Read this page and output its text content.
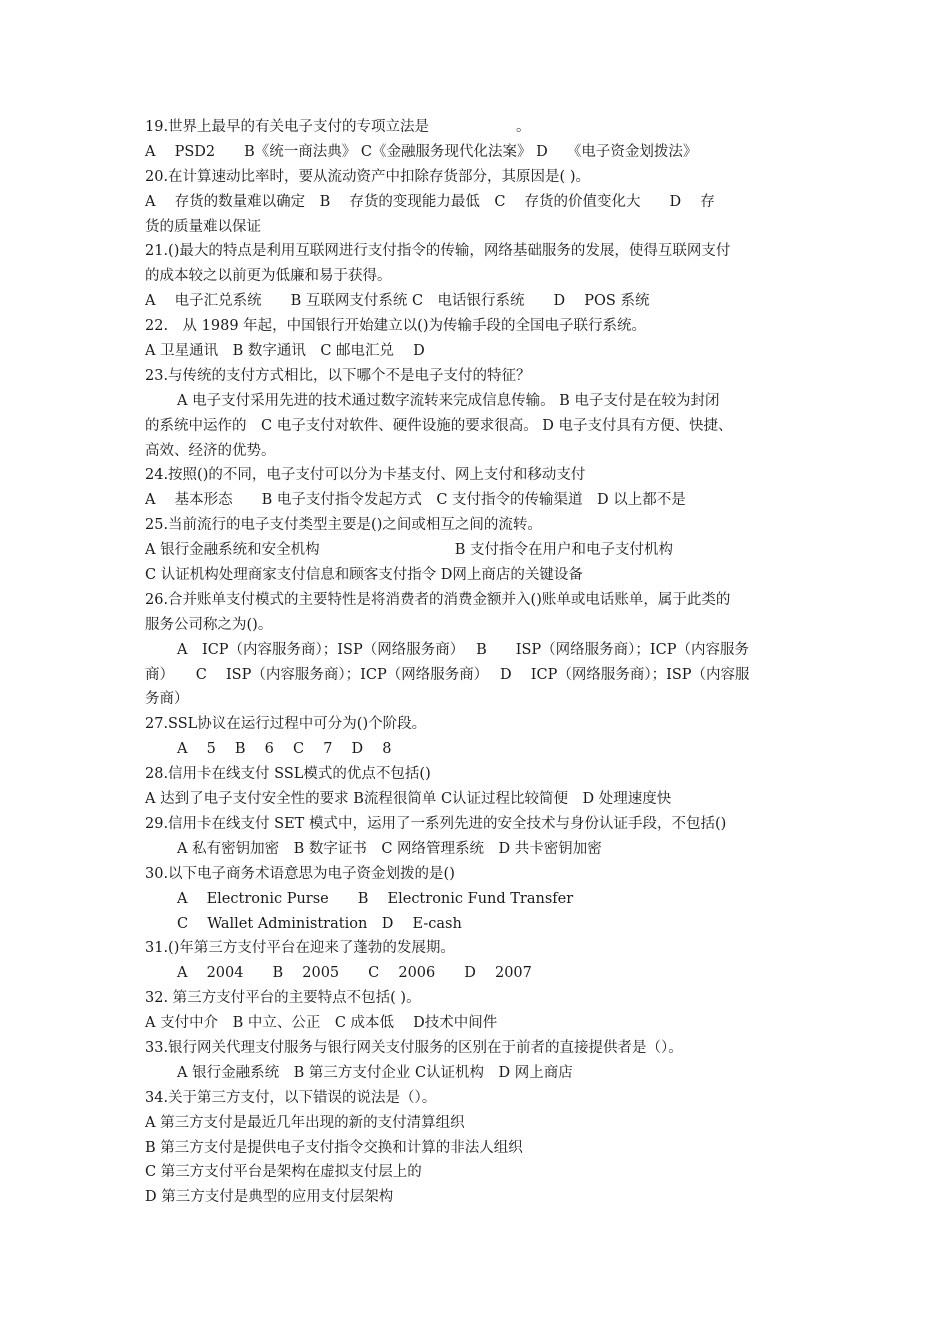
19.世界上最早的有关电子支付的专项立法是　　　　　　。
A　 PSD2　　B《统一商法典》 C《金融服务现代化法案》 D　 《电子资金划拨法》
20.在计算速动比率时，要从流动资产中扣除存货部分，其原因是( )。
A　 存货的数量难以确定　B　 存货的变现能力最低　C　 存货的价值变化大　　D　 存
货的质量难以保证
21.()最大的特点是利用互联网进行支付指令的传输，网络基础服务的发展，使得互联网支付
的成本较之以前更为低廉和易于获得。
A　 电子汇兑系统　　B 互联网支付系统 C　电话银行系统　　D　 POS 系统
22.　从 1989 年起，中国银行开始建立以()为传输手段的全国电子联行系统。
A 卫星通讯　B 数字通讯　C 邮电汇兑　 D
23.与传统的支付方式相比，以下哪个不是电子支付的特征？
A 电子支付采用先进的技术通过数字流转来完成信息传输。 B 电子支付是在较为封闭
的系统中运作的　C 电子支付对软件、硬件设施的要求很高。 D 电子支付具有方便、快捷、
高效、经济的优势。
24.按照()的不同，电子支付可以分为卡基支付、网上支付和移动支付
A　 基本形态　　B 电子支付指令发起方式　C 支付指令的传输渠道　D 以上都不是
25.当前流行的电子支付类型主要是()之间或相互之间的流转。
A 银行金融系统和安全机构　　　　　　　　　 B 支付指令在用户和电子支付机构
C 认证机构处理商家支付信息和顾客支付指令 D网上商店的关键设备
26.合并账单支付模式的主要特性是将消费者的消费金额并入()账单或电话账单，属于此类的
服务公司称之为()。
A　ICP（内容服务商）；ISP（网络服务商）　 B　　ISP（网络服务商）；ICP（内容服务
商）　　C　 ISP（内容服务商）；ICP（网络服务商）　 D　 ICP（网络服务商）；ISP（内容服
务商）
27.SSL协议在运行过程中可分为()个阶段。
A　 5　 B　 6　 C　 7　 D　 8
28.信用卡在线支付 SSL模式的优点不包括()
A 达到了电子支付安全性的要求 B流程很简单 C认证过程比较简便　D 处理速度快
29.信用卡在线支付 SET 模式中，运用了一系列先进的安全技术与身份认证手段，不包括()
A 私有密钥加密　B 数字证书　C 网络管理系统　D 共卡密钥加密
30.以下电子商务术语意思为电子资金划拨的是()
A　 Electronic Purse　　B　 Electronic Fund Transfer
C　 Wallet Administration　D　 E-cash
31.()年第三方支付平台在迎来了蓬勃的发展期。
A　 2004　　B　 2005　　C　 2006　　D　 2007
32. 第三方支付平台的主要特点不包括( )。
A 支付中介　B 中立、公正　C 成本低　 D技术中间件
33.银行网关代理支付服务与银行网关支付服务的区别在于前者的直接提供者是（）。
A 银行金融系统　B 第三方支付企业 C认证机构　D 网上商店
34.关于第三方支付，以下错误的说法是（）。
A 第三方支付是最近几年出现的新的支付清算组织
B 第三方支付是提供电子支付指令交换和计算的非法人组织
C 第三方支付平台是架构在虚拟支付层上的
D 第三方支付是典型的应用支付层架构
